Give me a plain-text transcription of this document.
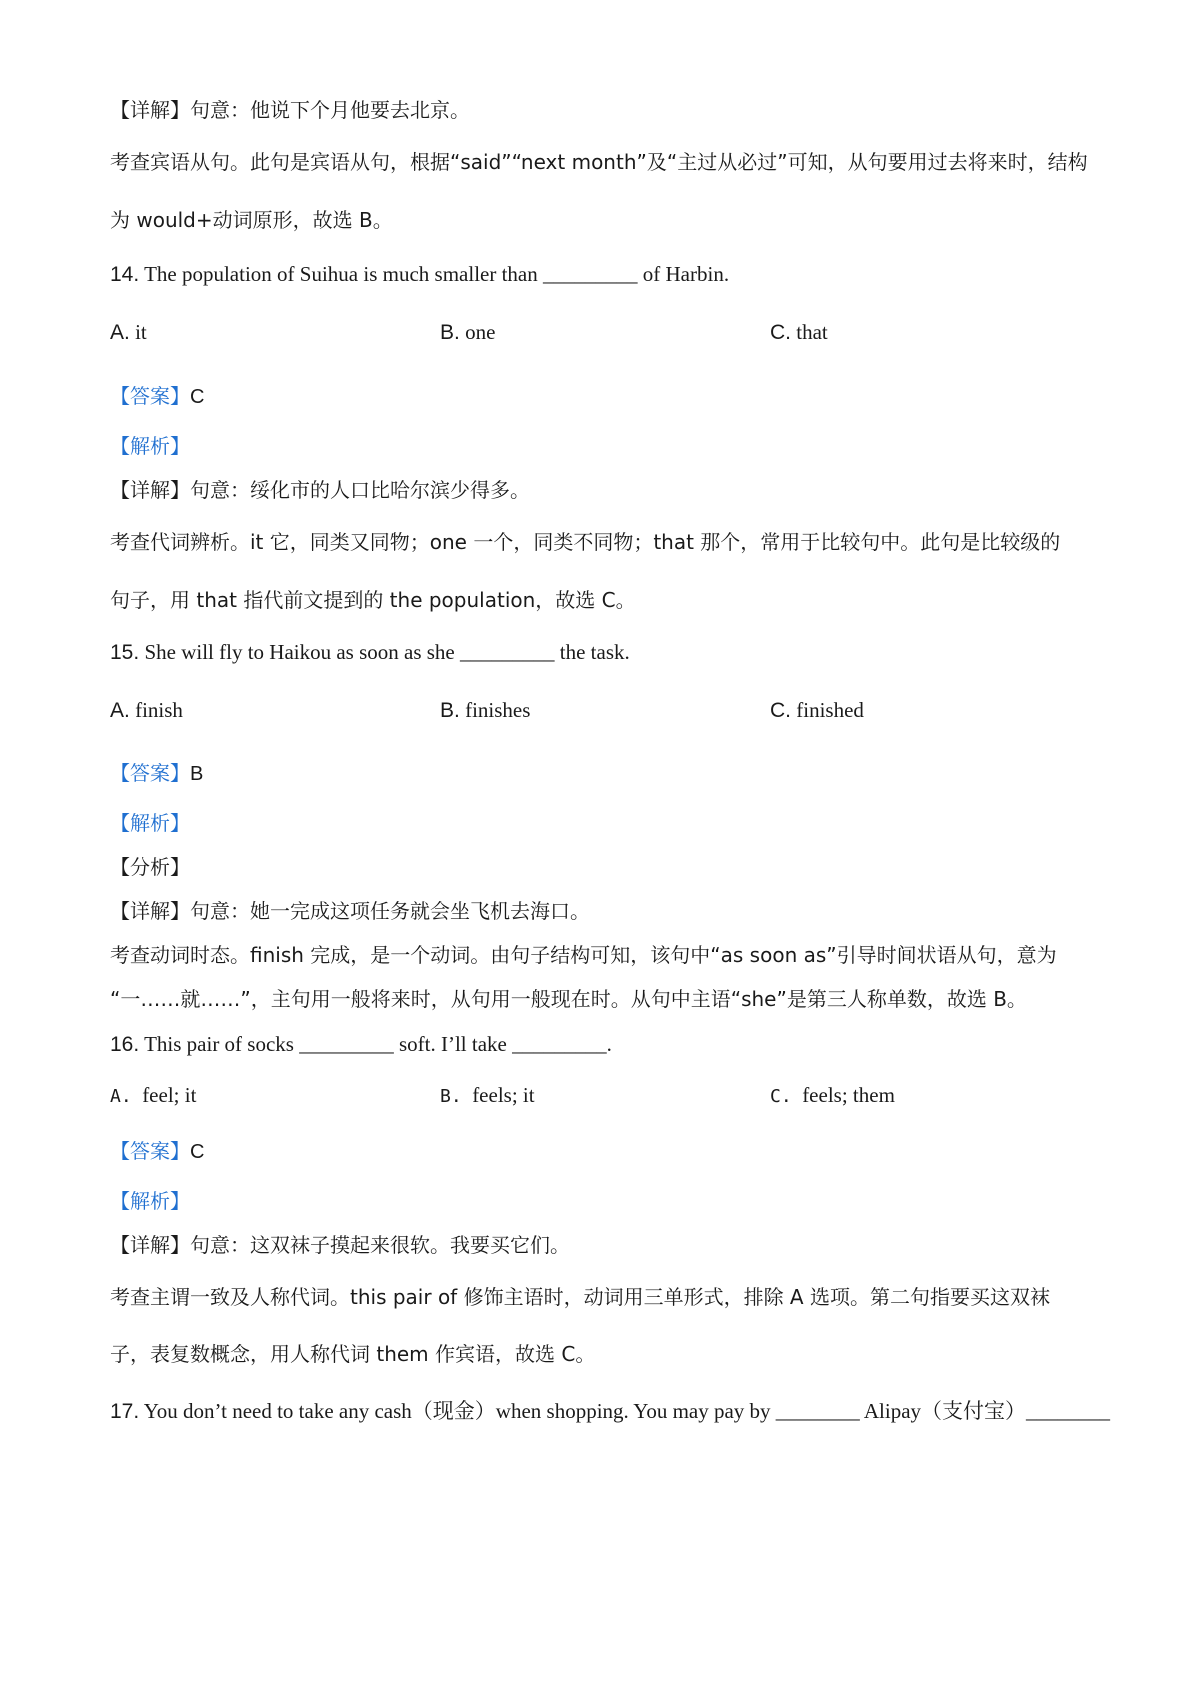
【详解】句意：他说下个月他要去北京。
考查宾语从句。此句是宾语从句，根据“said”“next month”及“主过从必过”可知，从句要用过去将来时，结构
为 would+动词原形，故选 B。
14. The population of Suihua is much smaller than _________ of Harbin.
A. it	B. one	C. that
【答案】C
【解析】
【详解】句意：绥化市的人口比哈尔滨少得多。
考查代词辨析。it 它，同类又同物；one 一个，同类不同物；that 那个，常用于比较句中。此句是比较级的
句子，用 that 指代前文提到的 the population，故选 C。
15. She will fly to Haikou as soon as she _________ the task.
A. finish	B. finishes	C. finished
【答案】B
【解析】
【分析】
【详解】句意：她一完成这项任务就会坐飞机去海口。
考查动词时态。finish 完成，是一个动词。由句子结构可知，该句中“as soon as”引导时间状语从句，意为
“一……就……”，主句用一般将来时，从句用一般现在时。从句中主语“she”是第三人称单数，故选 B。
16. This pair of socks _________ soft. I’ll take _________.
A. feel; it	B. feels; it	C. feels; them
【答案】C
【解析】
【详解】句意：这双袜子摸起来很软。我要买它们。
考查主谓一致及人称代词。this pair of 修饰主语时，动词用三单形式，排除 A 选项。第二句指要买这双袜
子，表复数概念，用人称代词 them 作宾语，故选 C。
17. You don’t need to take any cash（现金）when shopping. You may pay by ________ Alipay（支付宝）________
